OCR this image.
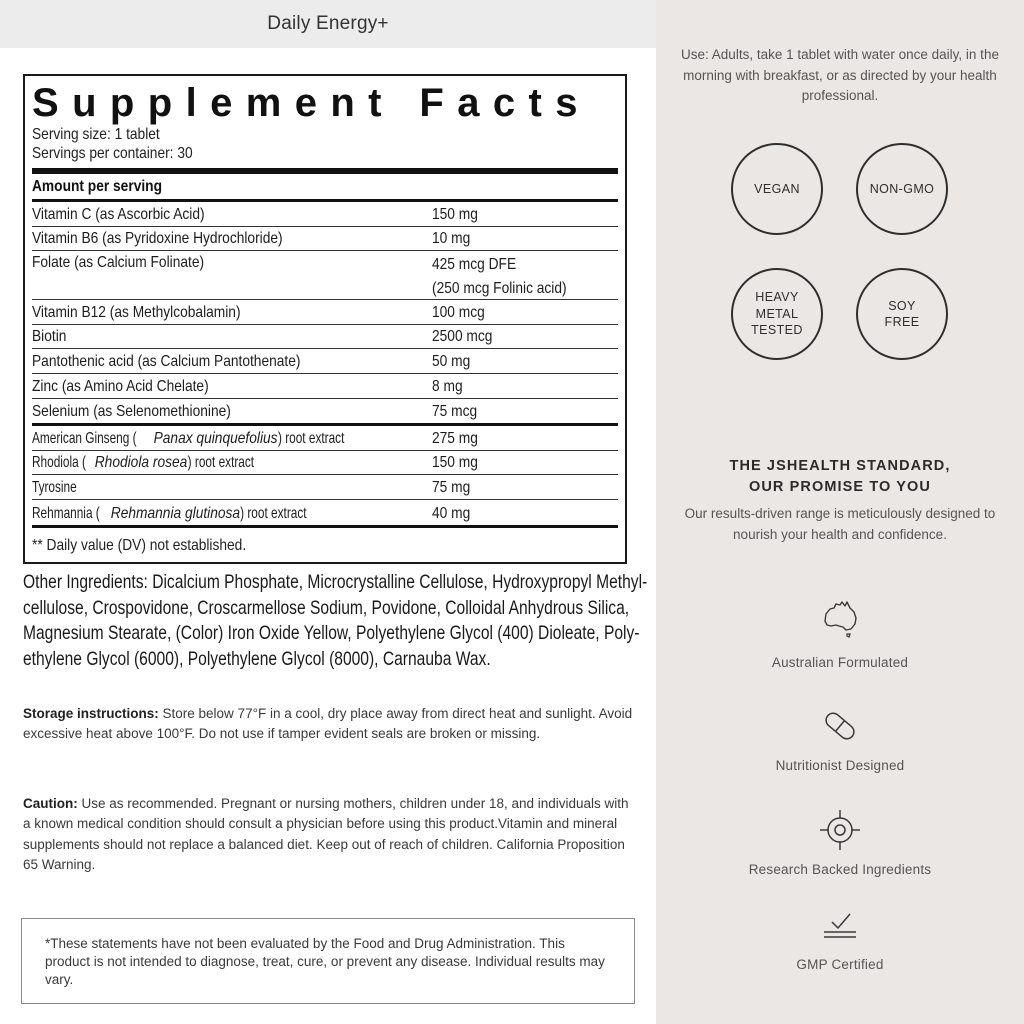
Daily Energy+
Supplement Facts
Serving size: 1 tablet
Servings per container: 30
Amount per serving
Vitamin C (as Ascorbic Acid)	150 mg
Vitamin B6 (as Pyridoxine Hydrochloride)	10 mg
Folate (as Calcium Folinate)	425 mcg DFE
(250 mcg Folinic acid)
Vitamin B12 (as Methylcobalamin)	100 mcg
Biotin	2500 mcg
Pantothenic acid (as Calcium Pantothenate)	50 mg
Zinc (as Amino Acid Chelate)	8 mg
Selenium (as Selenomethionine)	75 mcg
American Ginseng ( Panax quinquefolius) root extract	275 mg
Rhodiola ( Rhodiola rosea) root extract	150 mg
Tyrosine	75 mg
Rehmannia ( Rehmannia glutinosa) root extract	40 mg
** Daily value (DV) not established.
Other Ingredients: Dicalcium Phosphate, Microcrystalline Cellulose, Hydroxypropyl Methyl-
cellulose, Crospovidone, Croscarmellose Sodium, Povidone, Colloidal Anhydrous Silica,
Magnesium Stearate, (Color) Iron Oxide Yellow, Polyethylene Glycol (400) Dioleate, Poly-
ethylene Glycol (6000), Polyethylene Glycol (8000), Carnauba Wax.
Storage instructions: Store below 77°F in a cool, dry place away from direct heat and sunlight. Avoid excessive heat above 100°F. Do not use if tamper evident seals are broken or missing.
Caution: Use as recommended. Pregnant or nursing mothers, children under 18, and individuals with a known medical condition should consult a physician before using this product.Vitamin and mineral supplements should not replace a balanced diet. Keep out of reach of children. California Proposition 65 Warning.
*These statements have not been evaluated by the Food and Drug Administration. This product is not intended to diagnose, treat, cure, or prevent any disease. Individual results may vary.
Use: Adults, take 1 tablet with water once daily, in the morning with breakfast, or as directed by your health professional.
VEGAN	NON-GMO
HEAVY
METAL
TESTED
SOY
FREE
THE JSHEALTH STANDARD,
OUR PROMISE TO YOU
Our results-driven range is meticulously designed to nourish your health and confidence.
Australian Formulated
Nutritionist Designed
Research Backed Ingredients
GMP Certified
